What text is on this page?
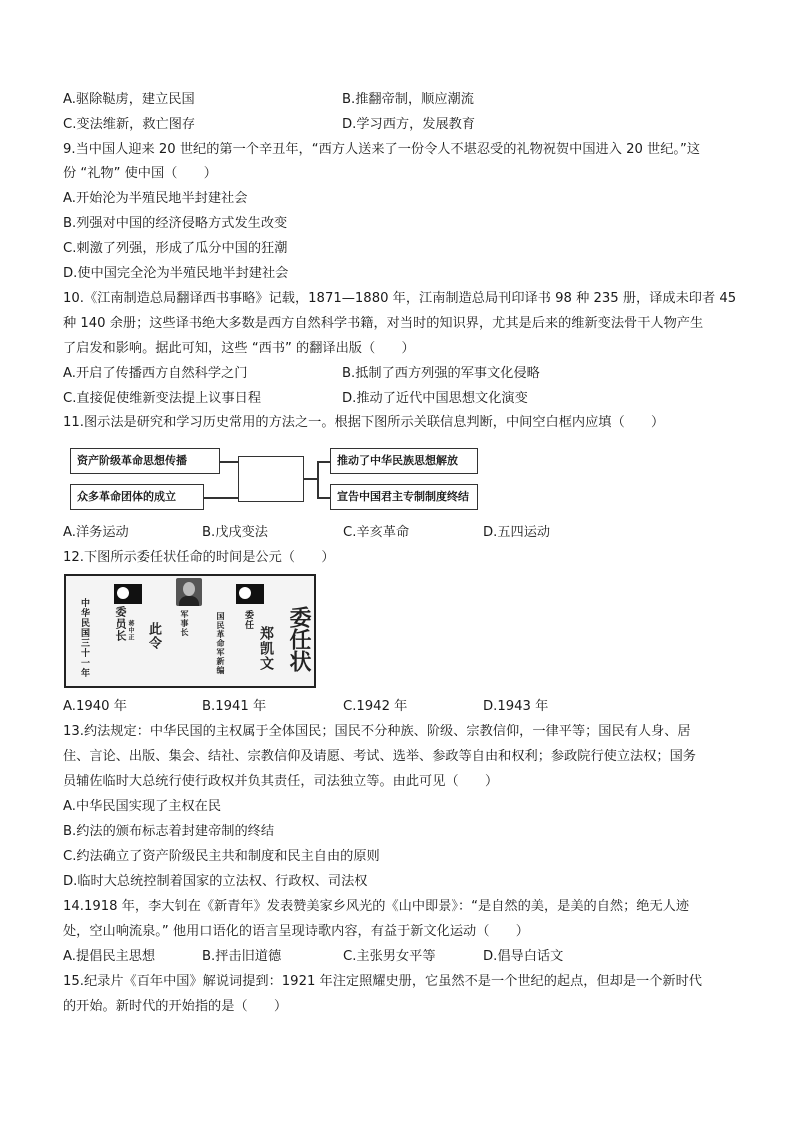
A.驱除鞑虏，建立民国	B.推翻帝制，顺应潮流
C.变法维新，救亡图存	D.学习西方，发展教育
9.当中国人迎来 20 世纪的第一个辛丑年，“西方人送来了一份令人不堪忍受的礼物祝贺中国进入 20 世纪。”这
份 “礼物” 使中国（　　）
A.开始沦为半殖民地半封建社会
B.列强对中国的经济侵略方式发生改变
C.刺激了列强，形成了瓜分中国的狂潮
D.使中国完全沦为半殖民地半封建社会
10.《江南制造总局翻译西书事略》记载，1871—1880 年，江南制造总局刊印译书 98 种 235 册，译成未印者 45
种 140 余册；这些译书绝大多数是西方自然科学书籍，对当时的知识界，尤其是后来的维新变法骨干人物产生
了启发和影响。据此可知，这些 “西书” 的翻译出版（　　）
A.开启了传播西方自然科学之门	B.抵制了西方列强的军事文化侵略
C.直接促使维新变法提上议事日程	D.推动了近代中国思想文化演变
11.图示法是研究和学习历史常用的方法之一。根据下图所示关联信息判断，中间空白框内应填（　　）
资产阶级革命思想传播
众多革命团体的成立
推动了中华民族思想解放
宣告中国君主专制制度终结
A.洋务运动	B.戊戌变法	C.辛亥革命	D.五四运动
12.下图所示委任状任命的时间是公元（　　）
中华民国三十一年 委员长 蒋中正 此令 军事长	国民革命军新编 委任
郑凯文 委任状
A.1940 年	B.1941 年	C.1942 年	D.1943 年
13.约法规定：中华民国的主权属于全体国民；国民不分种族、阶级、宗教信仰，一律平等；国民有人身、居
住、言论、出版、集会、结社、宗教信仰及请愿、考试、选举、参政等自由和权利；参政院行使立法权；国务
员辅佐临时大总统行使行政权并负其责任，司法独立等。由此可见（　　）
A.中华民国实现了主权在民
B.约法的颁布标志着封建帝制的终结
C.约法确立了资产阶级民主共和制度和民主自由的原则
D.临时大总统控制着国家的立法权、行政权、司法权
14.1918 年，李大钊在《新青年》发表赞美家乡风光的《山中即景》：“是自然的美，是美的自然；绝无人迹
处，空山响流泉。” 他用口语化的语言呈现诗歌内容，有益于新文化运动（　　）
A.提倡民主思想	B.抨击旧道德	C.主张男女平等	D.倡导白话文
15.纪录片《百年中国》解说词提到：1921 年注定照耀史册，它虽然不是一个世纪的起点，但却是一个新时代
的开始。新时代的开始指的是（　　）
